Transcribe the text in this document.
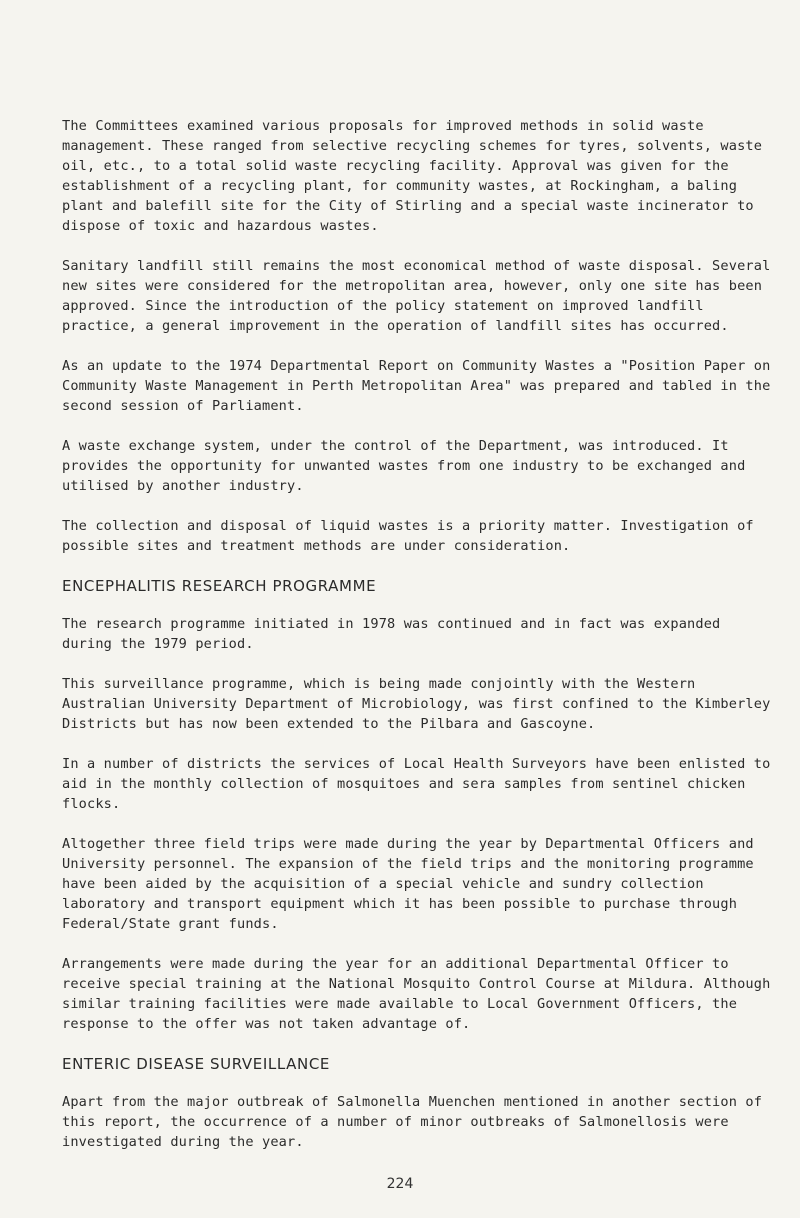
The Committees examined various proposals for improved methods in solid waste management. These ranged from selective recycling schemes for tyres, solvents, waste oil, etc., to a total solid waste recycling facility. Approval was given for the establishment of a recycling plant, for community wastes, at Rockingham, a baling plant and balefill site for the City of Stirling and a special waste incinerator to dispose of toxic and hazardous wastes.

Sanitary landfill still remains the most economical method of waste disposal. Several new sites were considered for the metropolitan area, however, only one site has been approved. Since the introduction of the policy statement on improved landfill practice, a general improvement in the operation of landfill sites has occurred.

As an update to the 1974 Departmental Report on Community Wastes a "Position Paper on Community Waste Management in Perth Metropolitan Area" was prepared and tabled in the second session of Parliament.

A waste exchange system, under the control of the Department, was introduced. It provides the opportunity for unwanted wastes from one industry to be exchanged and utilised by another industry.

The collection and disposal of liquid wastes is a priority matter. Investigation of possible sites and treatment methods are under consideration.

ENCEPHALITIS RESEARCH PROGRAMME

The research programme initiated in 1978 was continued and in fact was expanded during the 1979 period.

This surveillance programme, which is being made conjointly with the Western Australian University Department of Microbiology, was first confined to the Kimberley Districts but has now been extended to the Pilbara and Gascoyne.

In a number of districts the services of Local Health Surveyors have been enlisted to aid in the monthly collection of mosquitoes and sera samples from sentinel chicken flocks.

Altogether three field trips were made during the year by Departmental Officers and University personnel. The expansion of the field trips and the monitoring programme have been aided by the acquisition of a special vehicle and sundry collection laboratory and transport equipment which it has been possible to purchase through Federal/State grant funds.

Arrangements were made during the year for an additional Departmental Officer to receive special training at the National Mosquito Control Course at Mildura. Although similar training facilities were made available to Local Government Officers, the response to the offer was not taken advantage of.

ENTERIC DISEASE SURVEILLANCE

Apart from the major outbreak of Salmonella Muenchen mentioned in another section of this report, the occurrence of a number of minor outbreaks of Salmonellosis were investigated during the year.

224
